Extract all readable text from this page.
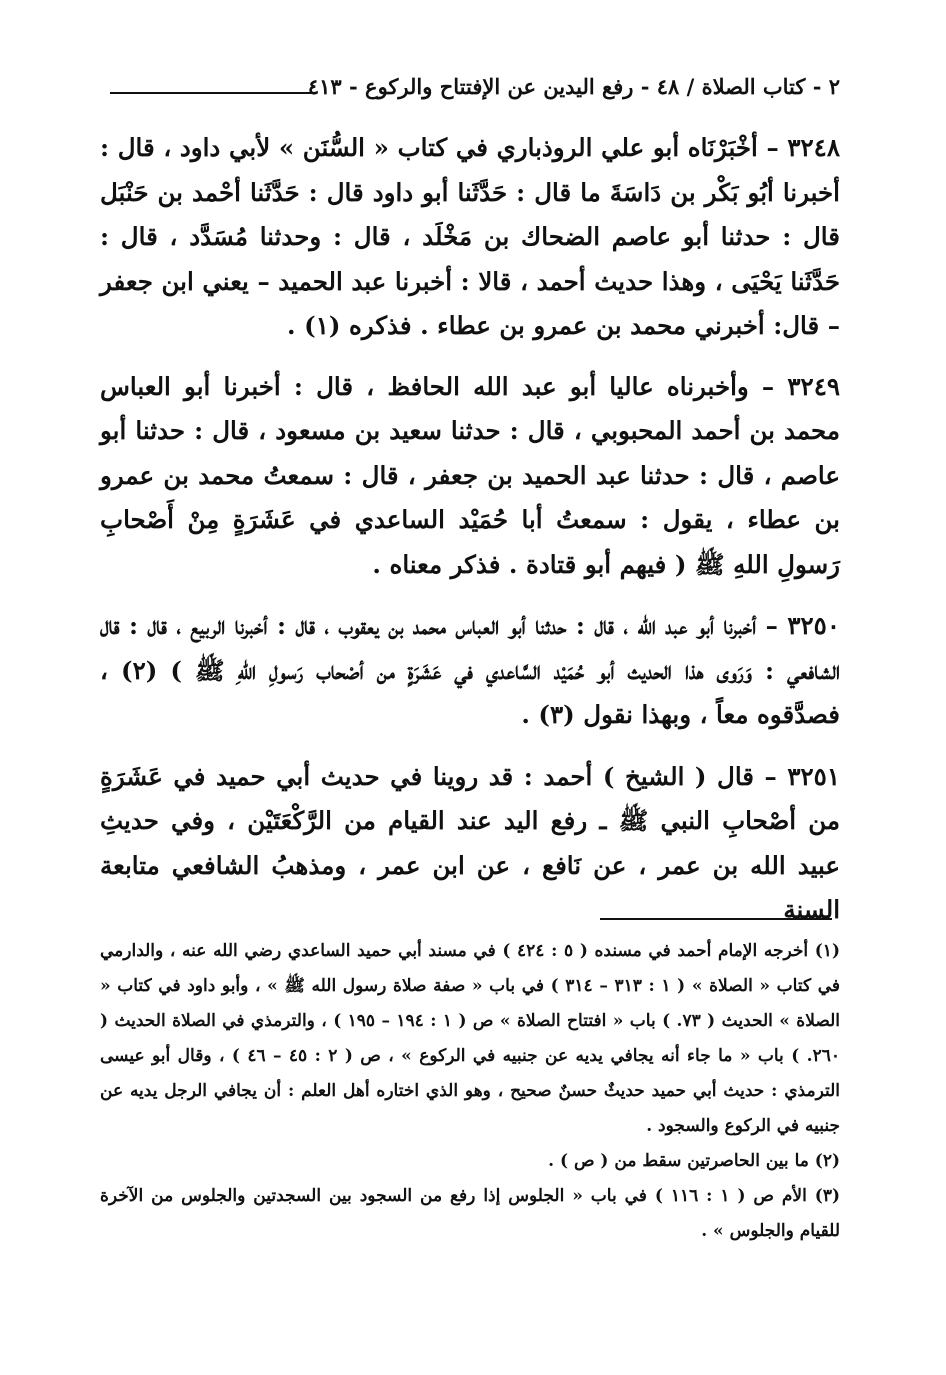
٢ - كتاب الصلاة / ٤٨ - رفع اليدين عن الإفتتاح والركوع - ٤١٣

٣٢٤٨ – أخْبَرْنَاه أبو علي الروذباري في كتاب « السُّنَن » لأبي داود ، قال : أخبرنا أبُو بَكْر بن دَاسَةَ ما قال : حَدَّثَنا أبو داود قال : حَدَّثَنا أحْمد بن حَنْبَل قال : حدثنا أبو عاصم الضحاك بن مَخْلَد ، قال : وحدثنا مُسَدَّد ، قال : حَدَّثَنا يَحْيَى ، وهذا حديث أحمد ، قالا : أخبرنا عبد الحميد – يعني ابن جعفر – قال: أخبرني محمد بن عمرو بن عطاء . فذكره (١) .

٣٢٤٩ – وأخبرناه عاليا أبو عبد الله الحافظ ، قال : أخبرنا أبو العباس محمد بن أحمد المحبوبي ، قال : حدثنا سعيد بن مسعود ، قال : حدثنا أبو عاصم ، قال : حدثنا عبد الحميد بن جعفر ، قال : سمعتُ محمد بن عمرو بن عطاء ، يقول : سمعتُ أبا حُمَيْد الساعدي في عَشَرَةٍ مِنْ أَصْحابِ رَسولِ اللهِ ﷺ ( فيهم أبو قتادة . فذكر معناه .

٣٢٥٠ – أخبرنا أبو عبد الله ، قال : حدثنا أبو العباس محمد بن يعقوب ، قال : أخبرنا الربيع ، قال : قال الشافعي : وَرَوى هذا الحديث أبو حُمَيْد السَّاعدي في عَشَرَةٍ من أصْحاب رَسولِ اللهِ ﷺ ) (٢) ، فصدَّقوه معاً ، وبهذا نقول (٣) .

٣٢٥١ – قال ( الشيخ ) أحمد : قد روينا في حديث أبي حميد في عَشَرَةٍ من أصْحابِ النبي ﷺ ـ رفع اليد عند القيام من الرَّكْعَتَيْن ، وفي حديثِ عبيد الله بن عمر ، عن نَافع ، عن ابن عمر ، ومذهبُ الشافعي متابعة السنة

(١) أخرجه الإمام أحمد في مسنده ( ٥ : ٤٢٤ ) في مسند أبي حميد الساعدي رضي الله عنه ، والدارمي في كتاب « الصلاة » ( ١ : ٣١٣ – ٣١٤ ) في باب « صفة صلاة رسول الله ﷺ » ، وأبو داود في كتاب « الصلاة » الحديث ( ٧٣. ) باب « افتتاح الصلاة » ص ( ١ : ١٩٤ – ١٩٥ ) ، والترمذي في الصلاة الحديث ( ٢٦٠. ) باب « ما جاء أنه يجافي يديه عن جنبيه في الركوع » ، ص ( ٢ : ٤٥ – ٤٦ ) ، وقال أبو عيسى الترمذي : حديث أبي حميد حديثٌ حسنٌ صحيح ، وهو الذي اختاره أهل العلم : أن يجافي الرجل يديه عن جنبيه في الركوع والسجود .

(٢) ما بين الحاصرتين سقط من ( ص ) .

(٣) الأم ص ( ١ : ١١٦ ) في باب « الجلوس إذا رفع من السجود بين السجدتين والجلوس من الآخرة للقيام والجلوس » .
